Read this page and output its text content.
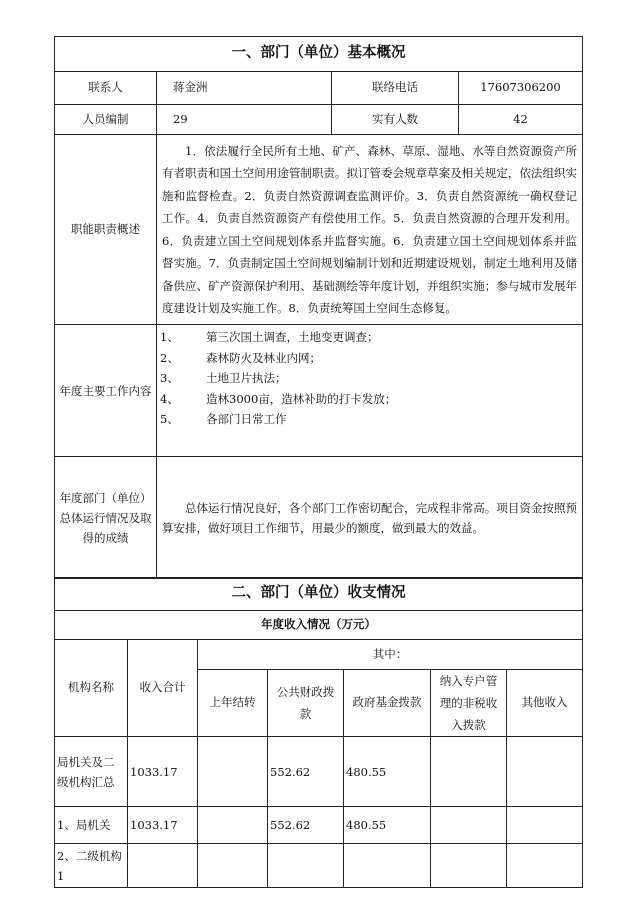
一、部门（单位）基本概况			
联系人	蒋金洲	联络电话	17607306200
人员编制	29	实有人数	42
职能职责概述	1．依法履行全民所有土地、矿产、森林、草原、湿地、水等自然资源资产所有者职责和国土空间用途管制职责。拟订管委会规章草案及相关规定，依法组织实施和监督检查。2．负责自然资源调查监测评价。3．负责自然资源统一确权登记工作。4．负责自然资源资产有偿使用工作。5．负责自然资源的合理开发利用。6．负责建立国土空间规划体系并监督实施。6．负责建立国土空间规划体系并监督实施。7．负责制定国土空间规划编制计划和近期建设规划，制定土地利用及储备供应、矿产资源保护利用、基础测绘等年度计划，并组织实施；参与城市发展年度建设计划及实施工作。8．负责统筹国土空间生态修复。		
年度主要工作内容	1、 第三次国土调查，土地变更调查；
2、 森林防火及林业内网；
3、 土地卫片执法；
4、 造林3000亩，造林补助的打卡发放；
5、 各部门日常工作		

年度部门（单位）总体运行情况及取得的成绩	总体运行情况良好，各个部门工作密切配合，完成程非常高。项目资金按照预算安排，做好项目工作细节，用最少的额度，做到最大的效益。		
二、部门（单位）收支情况						
年度收入情况（万元）						
机构名称	收入合计	其中：				
		上年结转	公共财政拨款	政府基金拨款	纳入专户管理的非税收入拨款	其他收入
局机关及二级机构汇总	1033.17		552.62	480.55		
1、局机关	1033.17		552.62	480.55		
2、二级机构1						
